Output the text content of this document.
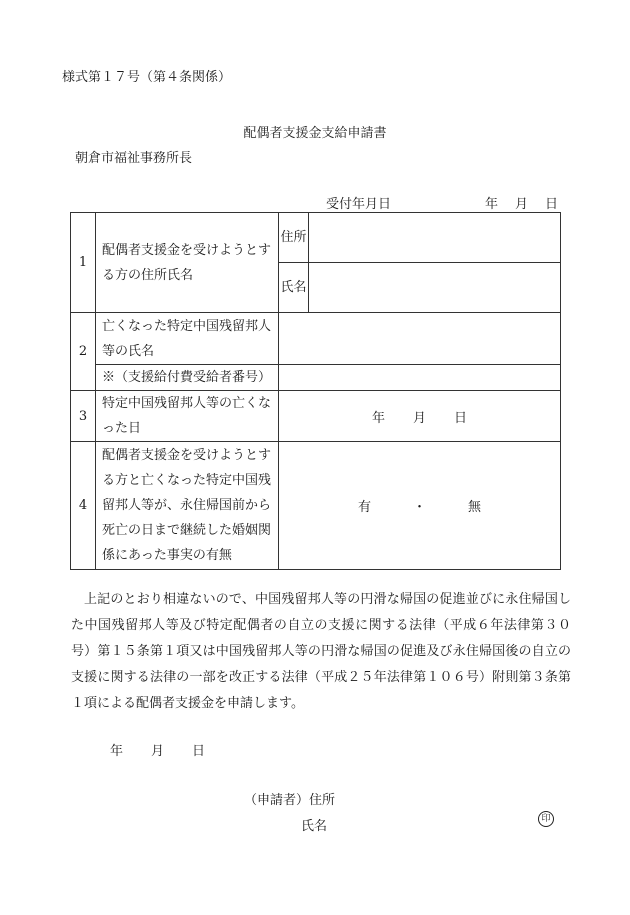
様式第１７号（第４条関係）
配偶者支援金支給申請書
朝倉市福祉事務所長
受付年月日	年 月 日
1	配偶者支援金を受けようとする方の住所氏名	住所	
		氏名	
2	亡くなった特定中国残留邦人等の氏名		
	※（支援給付費受給者番号）		
3	特定中国残留邦人等の亡くなった日	年 月 日	
4	配偶者支援金を受けようとする方と亡くなった特定中国残留邦人等が、永住帰国前から死亡の日まで継続した婚姻関係にあった事実の有無	有 ・ 無	

上記のとおり相違ないので、中国残留邦人等の円滑な帰国の促進並びに永住帰国した中国残留邦人等及び特定配偶者の自立の支援に関する法律（平成６年法律第３０号）第１５条第１項又は中国残留邦人等の円滑な帰国の促進及び永住帰国後の自立の支援に関する法律の一部を改正する法律（平成２５年法律第１０６号）附則第３条第１項による配偶者支援金を申請します。

年 月 日
（申請者）住所
氏名	印
